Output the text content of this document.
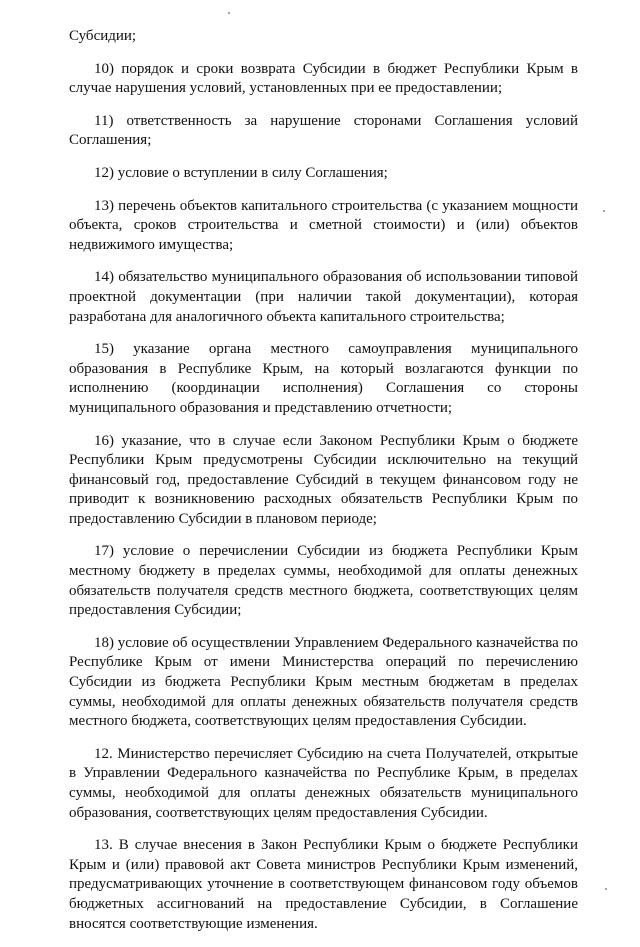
Субсидии;

10) порядок и сроки возврата Субсидии в бюджет Республики Крым в случае нарушения условий, установленных при ее предоставлении;

11) ответственность за нарушение сторонами Соглашения условий Соглашения;

12) условие о вступлении в силу Соглашения;

13) перечень объектов капитального строительства (с указанием мощности объекта, сроков строительства и сметной стоимости) и (или) объектов недвижимого имущества;

14) обязательство муниципального образования об использовании типовой проектной документации (при наличии такой документации), которая разработана для аналогичного объекта капитального строительства;

15) указание органа местного самоуправления муниципального образования в Республике Крым, на который возлагаются функции по исполнению (координации исполнения) Соглашения со стороны муниципального образования и представлению отчетности;

16) указание, что в случае если Законом Республики Крым о бюджете Республики Крым предусмотрены Субсидии исключительно на текущий финансовый год, предоставление Субсидий в текущем финансовом году не приводит к возникновению расходных обязательств Республики Крым по предоставлению Субсидии в плановом периоде;

17) условие о перечислении Субсидии из бюджета Республики Крым местному бюджету в пределах суммы, необходимой для оплаты денежных обязательств получателя средств местного бюджета, соответствующих целям предоставления Субсидии;

18) условие об осуществлении Управлением Федерального казначейства по Республике Крым от имени Министерства операций по перечислению Субсидии из бюджета Республики Крым местным бюджетам в пределах суммы, необходимой для оплаты денежных обязательств получателя средств местного бюджета, соответствующих целям предоставления Субсидии.

12. Министерство перечисляет Субсидию на счета Получателей, открытые в Управлении Федерального казначейства по Республике Крым, в пределах суммы, необходимой для оплаты денежных обязательств муниципального образования, соответствующих целям предоставления Субсидии.

13. В случае внесения в Закон Республики Крым о бюджете Республики Крым и (или) правовой акт Совета министров Республики Крым изменений, предусматривающих уточнение в соответствующем финансовом году объемов бюджетных ассигнований на предоставление Субсидии, в Соглашение вносятся соответствующие изменения.
